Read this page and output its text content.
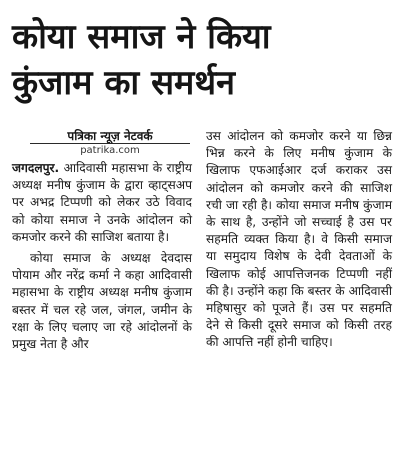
कोया समाज ने किया
कुंजाम का समर्थन
पत्रिका न्यूज़ नेटवर्क
patrika.com

जगदलपुर. आदिवासी महासभा के राष्ट्रीय अध्यक्ष मनीष कुंजाम के द्वारा व्हाट्सअप पर अभद्र टिप्पणी को लेकर उठे विवाद को कोया समाज ने उनके आंदोलन को कमजोर करने की साजिश बताया है।

कोया समाज के अध्यक्ष देवदास पोयाम और नरेंद्र कर्मा ने कहा आदिवासी महासभा के राष्ट्रीय अध्यक्ष मनीष कुंजाम बस्तर में चल रहे जल, जंगल, जमीन के रक्षा के लिए चलाए जा रहे आंदोलनों के प्रमुख नेता है और

उस आंदोलन को कमजोर करने या छिन्न भिन्न करने के लिए मनीष कुंजाम के खिलाफ एफआईआर दर्ज कराकर उस आंदोलन को कमजोर करने की साजिश रची जा रही है। कोया समाज मनीष कुंजाम के साथ है, उन्होंने जो सच्चाई है उस पर सहमति व्यक्त किया है। वे किसी समाज या समुदाय विशेष के देवी देवताओं के खिलाफ कोई आपत्तिजनक टिप्पणी नहीं की है। उन्होंने कहा कि बस्तर के आदिवासी महिषासुर को पूजते हैं। उस पर सहमति देने से किसी दूसरे समाज को किसी तरह की आपत्ति नहीं होनी चाहिए।
